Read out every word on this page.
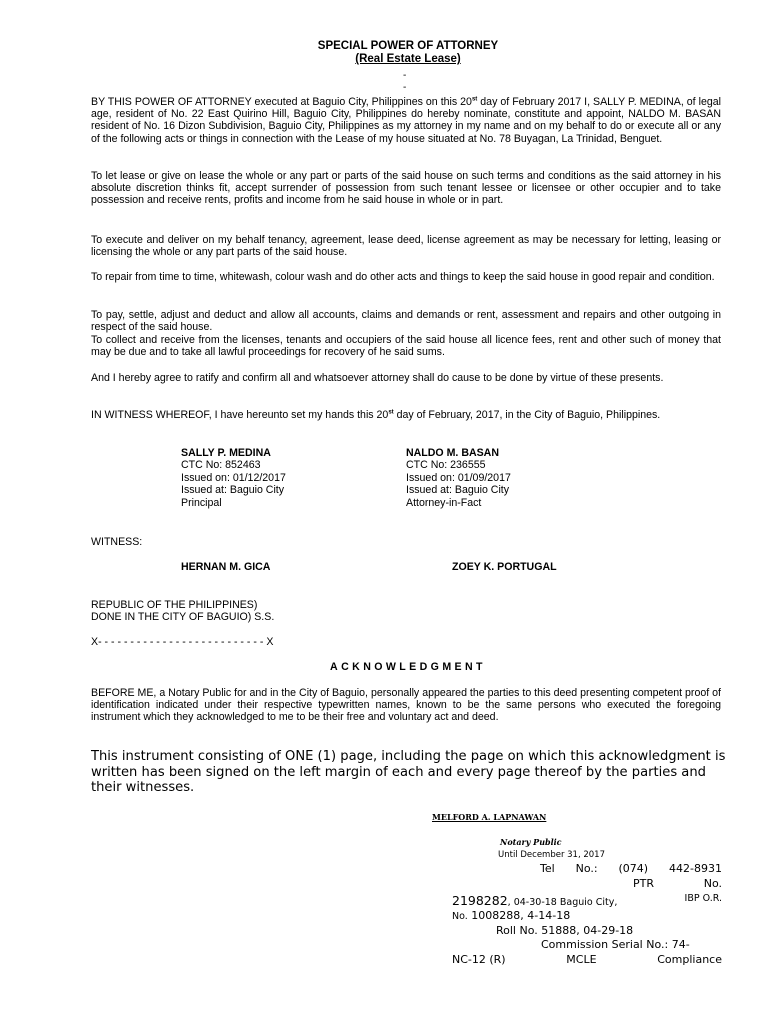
SPECIAL POWER OF ATTORNEY
(Real Estate Lease)
-
-

BY THIS POWER OF ATTORNEY executed at Baguio City, Philippines on this 20st day of February 2017 I, SALLY P. MEDINA, of legal age, resident of No. 22 East Quirino Hill, Baguio City, Philippines do hereby nominate, constitute and appoint, NALDO M. BASAN resident of No. 16 Dizon Subdivision, Baguio City, Philippines as my attorney in my name and on my behalf to do or execute all or any of the following acts or things in connection with the Lease of my house situated at No. 78 Buyagan, La Trinidad, Benguet.

To let lease or give on lease the whole or any part or parts of the said house on such terms and conditions as the said attorney in his absolute discretion thinks fit, accept surrender of possession from such tenant lessee or licensee or other occupier and to take possession and receive rents, profits and income from he said house in whole or in part.

To execute and deliver on my behalf tenancy, agreement, lease deed, license agreement as may be necessary for letting, leasing or licensing the whole or any part parts of the said house.

To repair from time to time, whitewash, colour wash and do other acts and things to keep the said house in good repair and condition.

To pay, settle, adjust and deduct and allow all accounts, claims and demands or rent, assessment and repairs and other outgoing in respect of the said house.

To collect and receive from the licenses, tenants and occupiers of the said house all licence fees, rent and other such of money that may be due and to take all lawful proceedings for recovery of he said sums.

And I hereby agree to ratify and confirm all and whatsoever attorney shall do cause to be done by virtue of these presents.

IN WITNESS WHEREOF, I have hereunto set my hands this 20st day of February, 2017, in the City of Baguio, Philippines.

SALLY P. MEDINA
CTC No: 852463
Issued on: 01/12/2017
Issued at: Baguio City
Principal
NALDO M. BASAN
CTC No: 236555
Issued on: 01/09/2017
Issued at: Baguio City
Attorney-in-Fact
WITNESS:
HERNAN M. GICA	ZOEY K. PORTUGAL
REPUBLIC OF THE PHILIPPINES)
DONE IN THE CITY OF BAGUIO) S.S.
X- - - - - - - - - - - - - - - - - - - - - - - - - - X
ACKNOWLEDGMENT

BEFORE ME, a Notary Public for and in the City of Baguio, personally appeared the parties to this deed presenting competent proof of identification indicated under their respective typewritten names, known to be the same persons who executed the foregoing instrument which they acknowledged to me to be their free and voluntary act and deed.

This instrument consisting of ONE (1) page, including the page on which this acknowledgment is written has been signed on the left margin of each and every page thereof by the parties and their witnesses.

MELFORD A. LAPNAWAN
Notary Public
Until December 31, 2017
Tel No.: (074) 442-8931
PTR	No.
2198282, 04-30-18 Baguio City,	IBP O.R.
No. 1008288, 4-14-18
Roll No. 51888, 04-29-18
Commission Serial No.: 74-
NC-12 (R)	MCLE	Compliance
